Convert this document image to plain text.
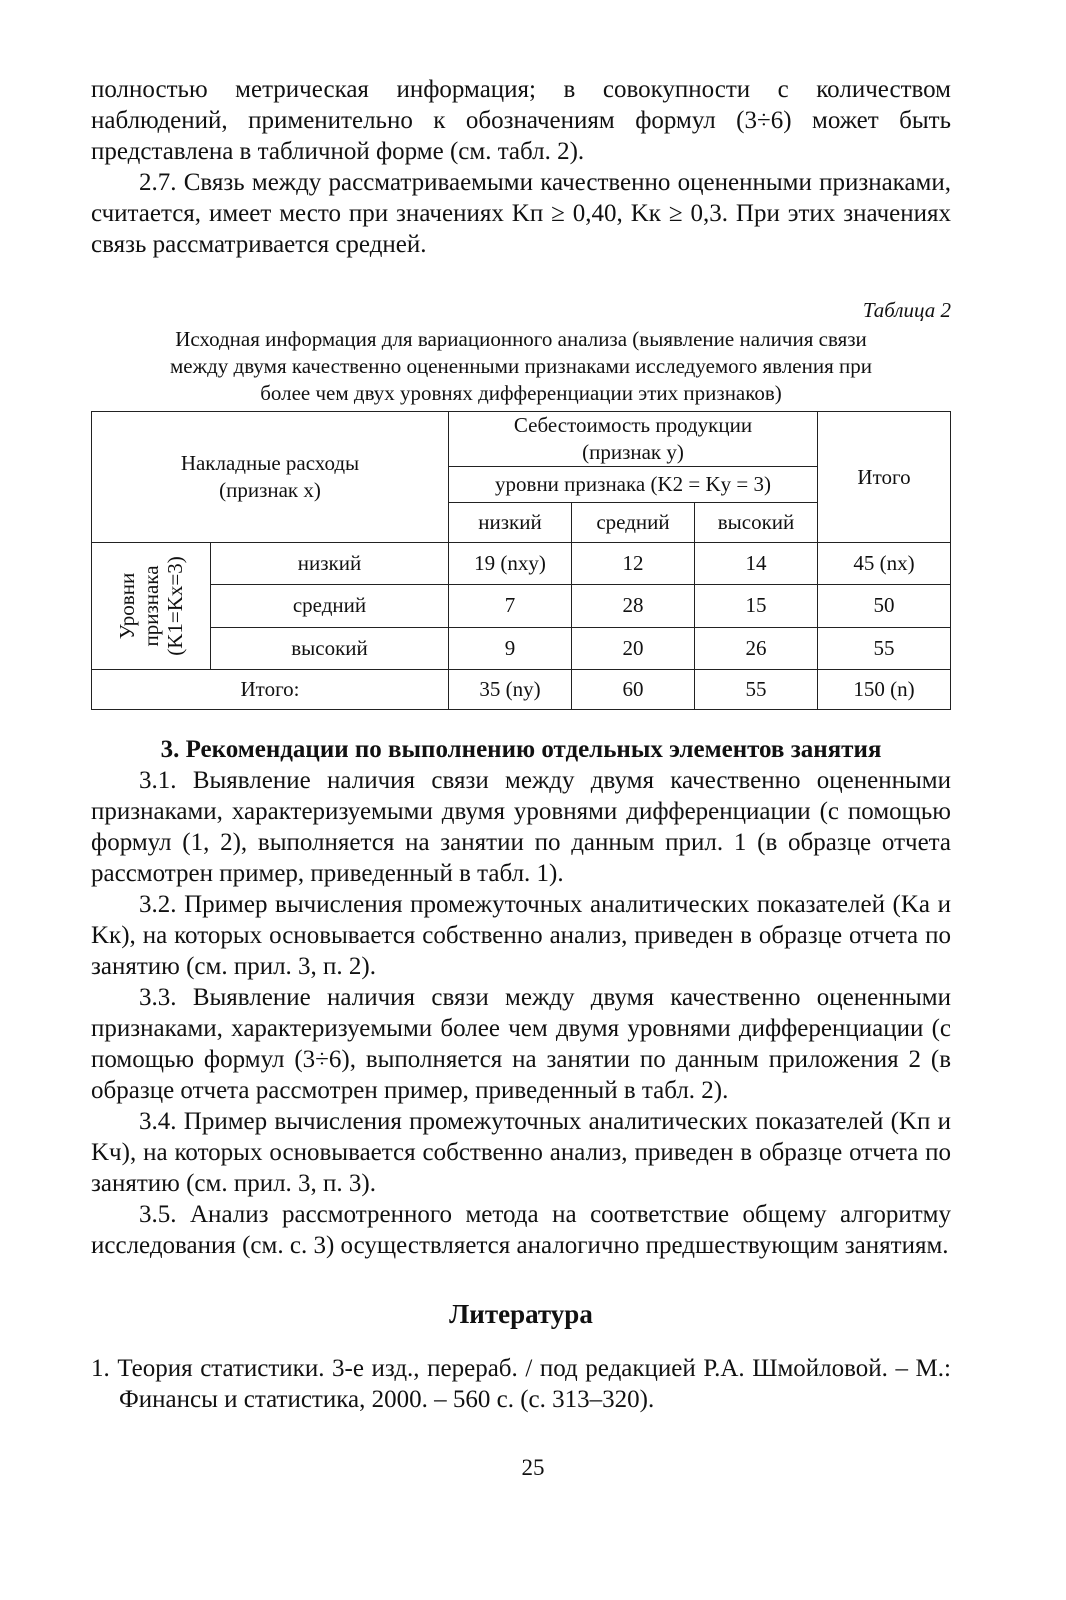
полностью метрическая информация; в совокупности с количеством наблюдений, применительно к обозначениям формул (3÷6) может быть представлена в табличной форме (см. табл. 2).

2.7. Связь между рассматриваемыми качественно оцененными признаками, считается, имеет место при значениях Kп ≥ 0,40, Kк ≥ 0,3. При этих значениях связь рассматривается средней.

Таблица 2
Исходная информация для вариационного анализа (выявление наличия связи между двумя качественно оцененными признаками исследуемого явления при более чем двух уровнях дифференциации этих признаков)
Накладные расходы (признак x)		Себестоимость продукции (признак y)			Итого
		уровни признака (K2 = Ky = 3)			
		низкий	средний	высокий	

Уровни признака (K1=Kx=3)	низкий	19 (nxy)	12	14	45 (nx)
	средний	7	28	15	50
	высокий	9	20	26	55
Итого:		35 (ny)	60	55	150 (n)
3. Рекомендации по выполнению отдельных элементов занятия

3.1. Выявление наличия связи между двумя качественно оцененными признаками, характеризуемыми двумя уровнями дифференциации (с помощью формул (1, 2), выполняется на занятии по данным прил. 1 (в образце отчета рассмотрен пример, приведенный в табл. 1).

3.2. Пример вычисления промежуточных аналитических показателей (Kа и Kк), на которых основывается собственно анализ, приведен в образце отчета по занятию (см. прил. 3, п. 2).

3.3. Выявление наличия связи между двумя качественно оцененными признаками, характеризуемыми более чем двумя уровнями дифференциации (с помощью формул (3÷6), выполняется на занятии по данным приложения 2 (в образце отчета рассмотрен пример, приведенный в табл. 2).

3.4. Пример вычисления промежуточных аналитических показателей (Kп и Kч), на которых основывается собственно анализ, приведен в образце отчета по занятию (см. прил. 3, п. 3).

3.5. Анализ рассмотренного метода на соответствие общему алгоритму исследования (см. с. 3) осуществляется аналогично предшествующим занятиям.

Литература

1. Теория статистики. 3-е изд., перераб. / под редакцией Р.А. Шмойловой. – М.: Финансы и статистика, 2000. – 560 с. (с. 313–320).

25
